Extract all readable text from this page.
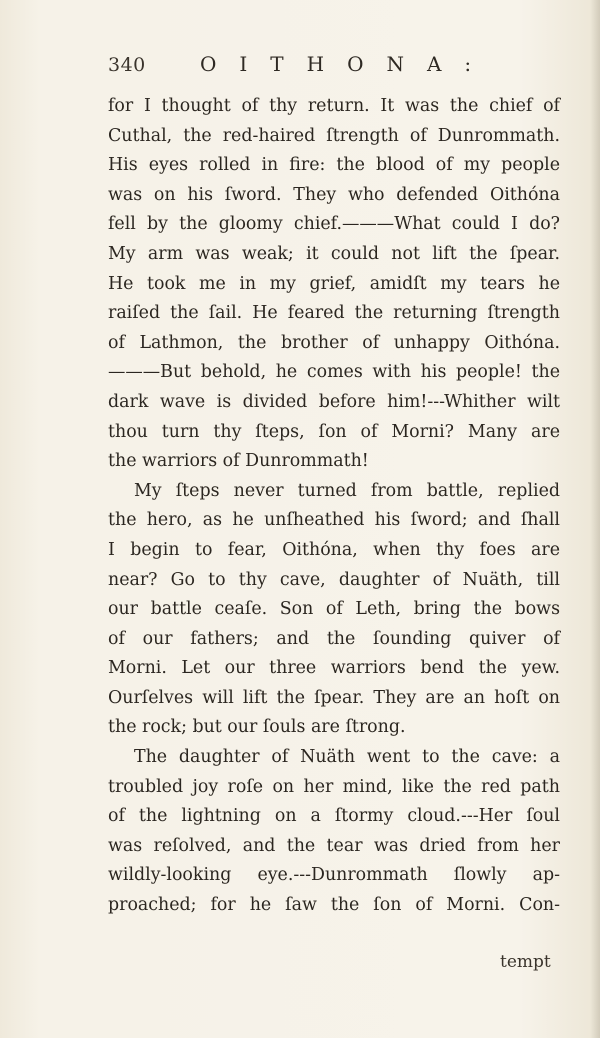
340	OITHONA:
for I thought of thy return. It was the chief of
Cuthal, the red-haired ſtrength of Dunrommath.
His eyes rolled in fire: the blood of my people
was on his ſword. They who defended Oithóna
fell by the gloomy chief.———What could I do?
My arm was weak; it could not lift the ſpear.
He took me in my grief, amidſt my tears he
raiſed the ſail. He feared the returning ſtrength
of Lathmon, the brother of unhappy Oithóna.
———But behold, he comes with his people! the
dark wave is divided before him!---Whither wilt
thou turn thy ſteps, ſon of Morni? Many are
the warriors of Dunrommath!
My ſteps never turned from battle, replied
the hero, as he unſheathed his ſword; and ſhall
I begin to fear, Oithóna, when thy foes are
near? Go to thy cave, daughter of Nuäth, till
our battle ceaſe. Son of Leth, bring the bows
of our fathers; and the ſounding quiver of
Morni. Let our three warriors bend the yew.
Ourſelves will lift the ſpear. They are an hoſt on
the rock; but our ſouls are ſtrong.
The daughter of Nuäth went to the cave: a
troubled joy roſe on her mind, like the red path
of the lightning on a ſtormy cloud.---Her ſoul
was reſolved, and the tear was dried from her
wildly-looking eye.---Dunrommath ſlowly ap-
proached; for he ſaw the ſon of Morni. Con-
tempt
